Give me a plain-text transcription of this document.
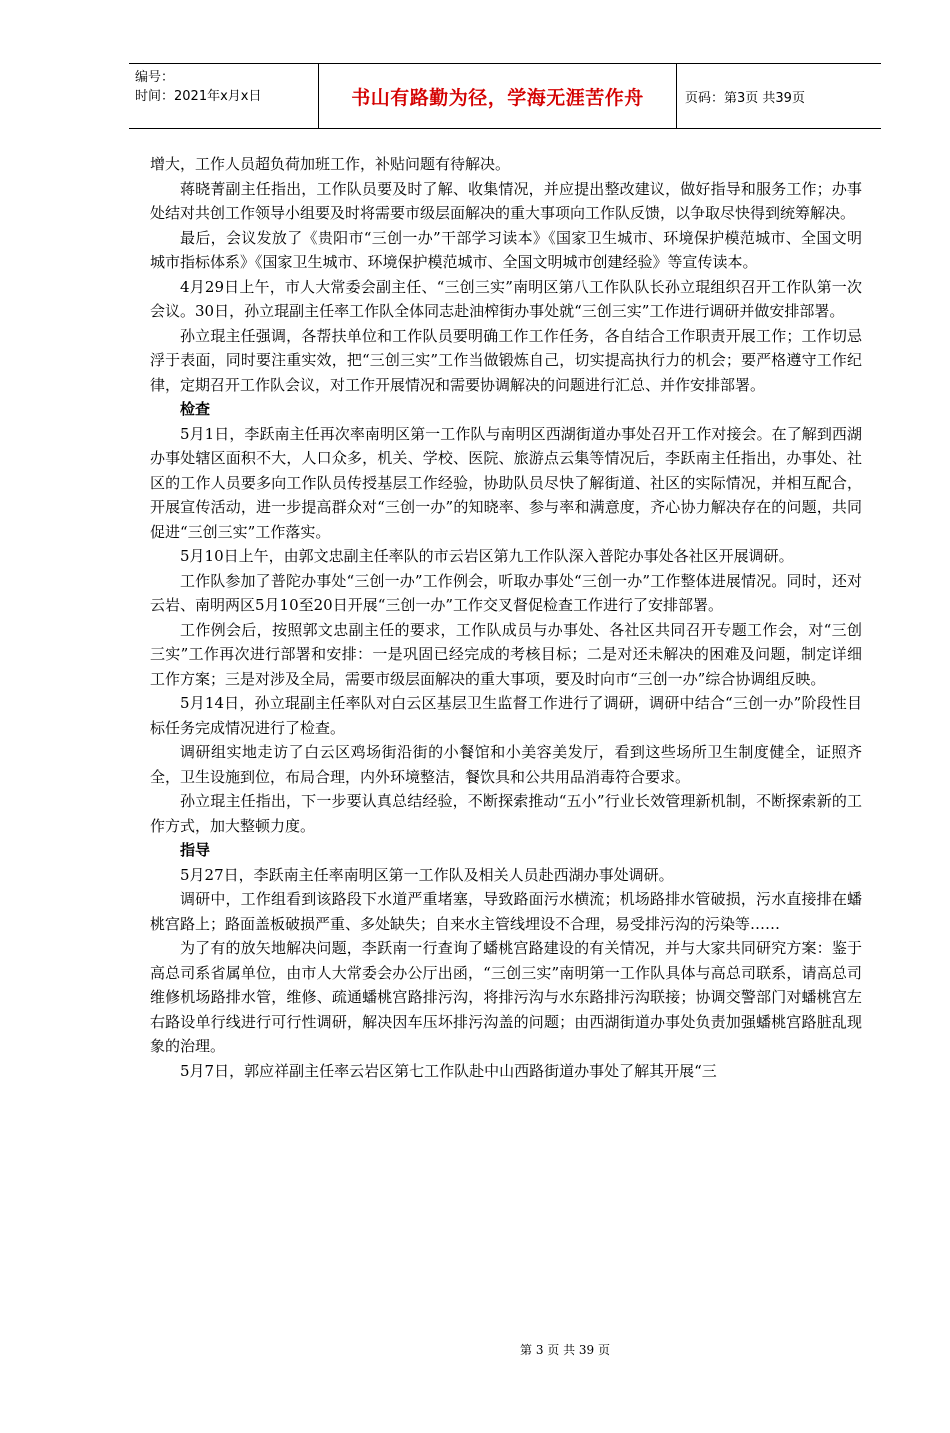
编号：
时间：2021年x月x日	书山有路勤为径，学海无涯苦作舟	页码：第3页 共39页

增大，工作人员超负荷加班工作，补贴问题有待解决。

蒋晓菁副主任指出，工作队员要及时了解、收集情况，并应提出整改建议，做好指导和服务工作；办事处结对共创工作领导小组要及时将需要市级层面解决的重大事项向工作队反馈，以争取尽快得到统筹解决。

最后，会议发放了《贵阳市“三创一办”干部学习读本》《国家卫生城市、环境保护模范城市、全国文明城市指标体系》《国家卫生城市、环境保护模范城市、全国文明城市创建经验》等宣传读本。

4月29日上午，市人大常委会副主任、“三创三实”南明区第八工作队队长孙立琨组织召开工作队第一次会议。30日，孙立琨副主任率工作队全体同志赴油榨街办事处就“三创三实”工作进行调研并做安排部署。

孙立琨主任强调，各帮扶单位和工作队员要明确工作工作任务，各自结合工作职责开展工作；工作切忌浮于表面，同时要注重实效，把“三创三实”工作当做锻炼自己，切实提高执行力的机会；要严格遵守工作纪律，定期召开工作队会议，对工作开展情况和需要协调解决的问题进行汇总、并作安排部署。

检查

5月1日，李跃南主任再次率南明区第一工作队与南明区西湖街道办事处召开工作对接会。在了解到西湖办事处辖区面积不大，人口众多，机关、学校、医院、旅游点云集等情况后，李跃南主任指出，办事处、社区的工作人员要多向工作队员传授基层工作经验，协助队员尽快了解街道、社区的实际情况，并相互配合，开展宣传活动，进一步提高群众对“三创一办”的知晓率、参与率和满意度，齐心协力解决存在的问题，共同促进“三创三实”工作落实。

5月10日上午，由郭文忠副主任率队的市云岩区第九工作队深入普陀办事处各社区开展调研。

工作队参加了普陀办事处“三创一办”工作例会，听取办事处“三创一办”工作整体进展情况。同时，还对云岩、南明两区5月10至20日开展“三创一办”工作交叉督促检查工作进行了安排部署。

工作例会后，按照郭文忠副主任的要求，工作队成员与办事处、各社区共同召开专题工作会，对“三创三实”工作再次进行部署和安排：一是巩固已经完成的考核目标；二是对还未解决的困难及问题，制定详细工作方案；三是对涉及全局，需要市级层面解决的重大事项，要及时向市“三创一办”综合协调组反映。

5月14日，孙立琨副主任率队对白云区基层卫生监督工作进行了调研，调研中结合“三创一办”阶段性目标任务完成情况进行了检查。

调研组实地走访了白云区鸡场街沿街的小餐馆和小美容美发厅，看到这些场所卫生制度健全，证照齐全，卫生设施到位，布局合理，内外环境整洁，餐饮具和公共用品消毒符合要求。

孙立琨主任指出，下一步要认真总结经验，不断探索推动“五小”行业长效管理新机制，不断探索新的工作方式，加大整顿力度。

指导

5月27日，李跃南主任率南明区第一工作队及相关人员赴西湖办事处调研。

调研中，工作组看到该路段下水道严重堵塞，导致路面污水横流；机场路排水管破损，污水直接排在蟠桃宫路上；路面盖板破损严重、多处缺失；自来水主管线埋设不合理，易受排污沟的污染等……

为了有的放矢地解决问题，李跃南一行查询了蟠桃宫路建设的有关情况，并与大家共同研究方案：鉴于高总司系省属单位，由市人大常委会办公厅出函，“三创三实”南明第一工作队具体与高总司联系，请高总司维修机场路排水管，维修、疏通蟠桃宫路排污沟，将排污沟与水东路排污沟联接；协调交警部门对蟠桃宫左右路设单行线进行可行性调研，解决因车压坏排污沟盖的问题；由西湖街道办事处负责加强蟠桃宫路脏乱现象的治理。

5月7日，郭应祥副主任率云岩区第七工作队赴中山西路街道办事处了解其开展“三

第 3 页 共 39 页
